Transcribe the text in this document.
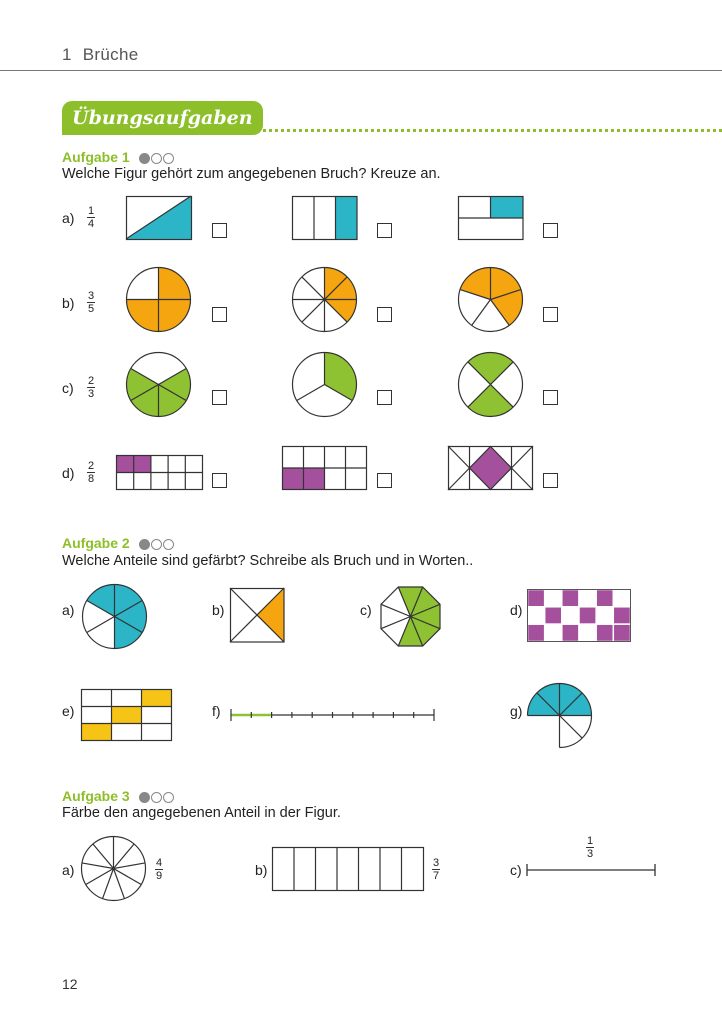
1 Brüche
Übungsaufgaben
Aufgabe 1
Welche Figur gehört zum angegebenen Bruch? Kreuze an.
$a) \frac{1}{4}$
$b) \frac{3}{5}$
$c) \frac{2}{3}$
$d) \frac{2}{8}$
Aufgabe 2
Welche Anteile sind gefärbt? Schreibe als Bruch und in Worten..
a)	b)	c)	d)
e)	f)	g)
Aufgabe 3
Färbe den angegebenen Anteil in der Figur.
a)	$\frac{4}{9}$	b)	$\frac{3}{7}$	c)
$\frac{1}{3}$
12
